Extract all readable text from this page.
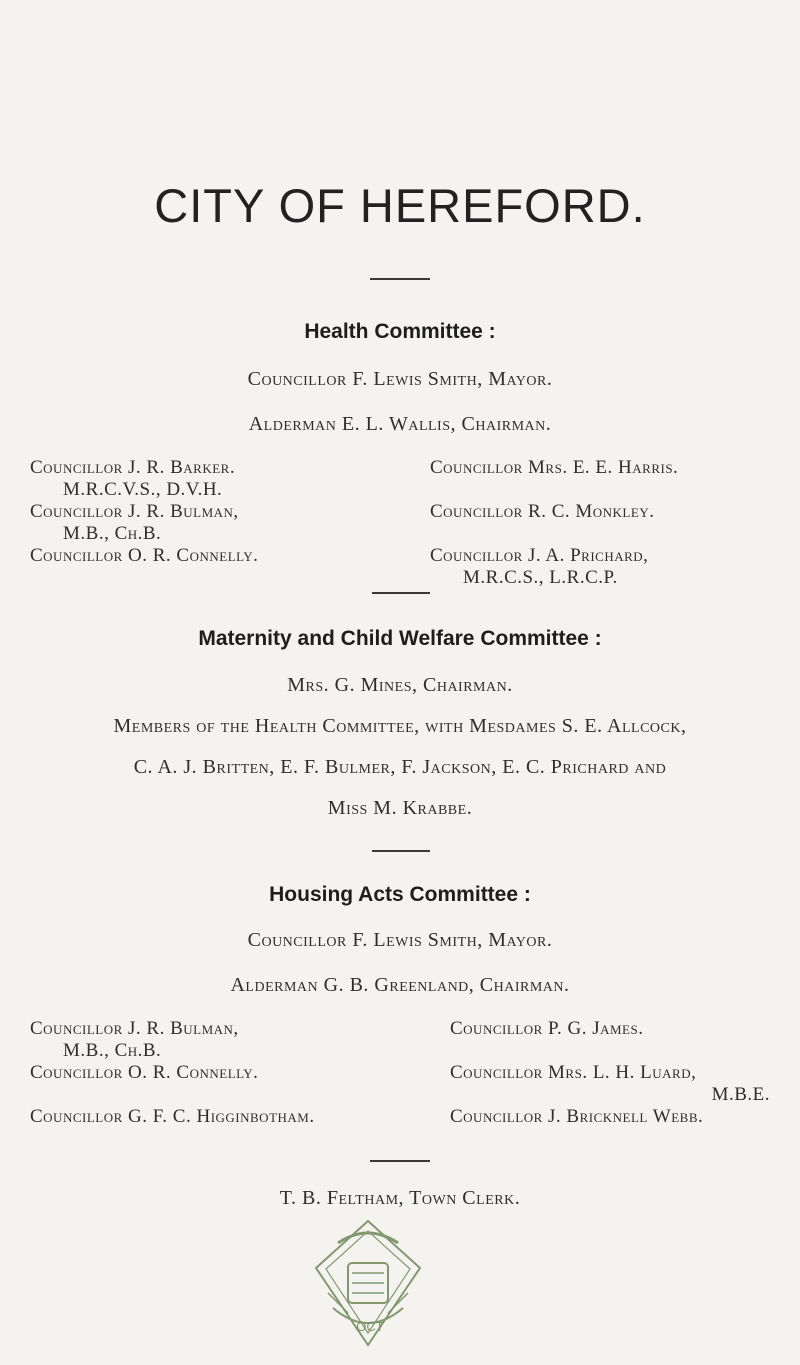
CITY OF HEREFORD.
Health Committee :
Councillor F. Lewis Smith, Mayor.
Alderman E. L. Wallis, Chairman.
Councillor J. R. Barker.
M.R.C.V.S., D.V.H.
Councillor J. R. Bulman,
M.B., Ch.B.
Councillor O. R. Connelly.
Councillor Mrs. E. E. Harris.
Councillor R. C. Monkley.
Councillor J. A. Prichard,
M.R.C.S., L.R.C.P.
Maternity and Child Welfare Committee :
Mrs. G. Mines, Chairman.
Members of the Health Committee, with Mesdames S. E. Allcock,
C. A. J. Britten, E. F. Bulmer, F. Jackson, E. C. Prichard and
Miss M. Krabbe.
Housing Acts Committee :
Councillor F. Lewis Smith, Mayor.
Alderman G. B. Greenland, Chairman.
Councillor J. R. Bulman,
M.B., Ch.B.
Councillor O. R. Connelly.
Councillor G. F. C. Higginbotham.
Councillor P. G. James.
Councillor Mrs. L. H. Luard,
M.B.E.
Councillor J. Bricknell Webb.
T. B. Feltham, Town Clerk.
OCT
